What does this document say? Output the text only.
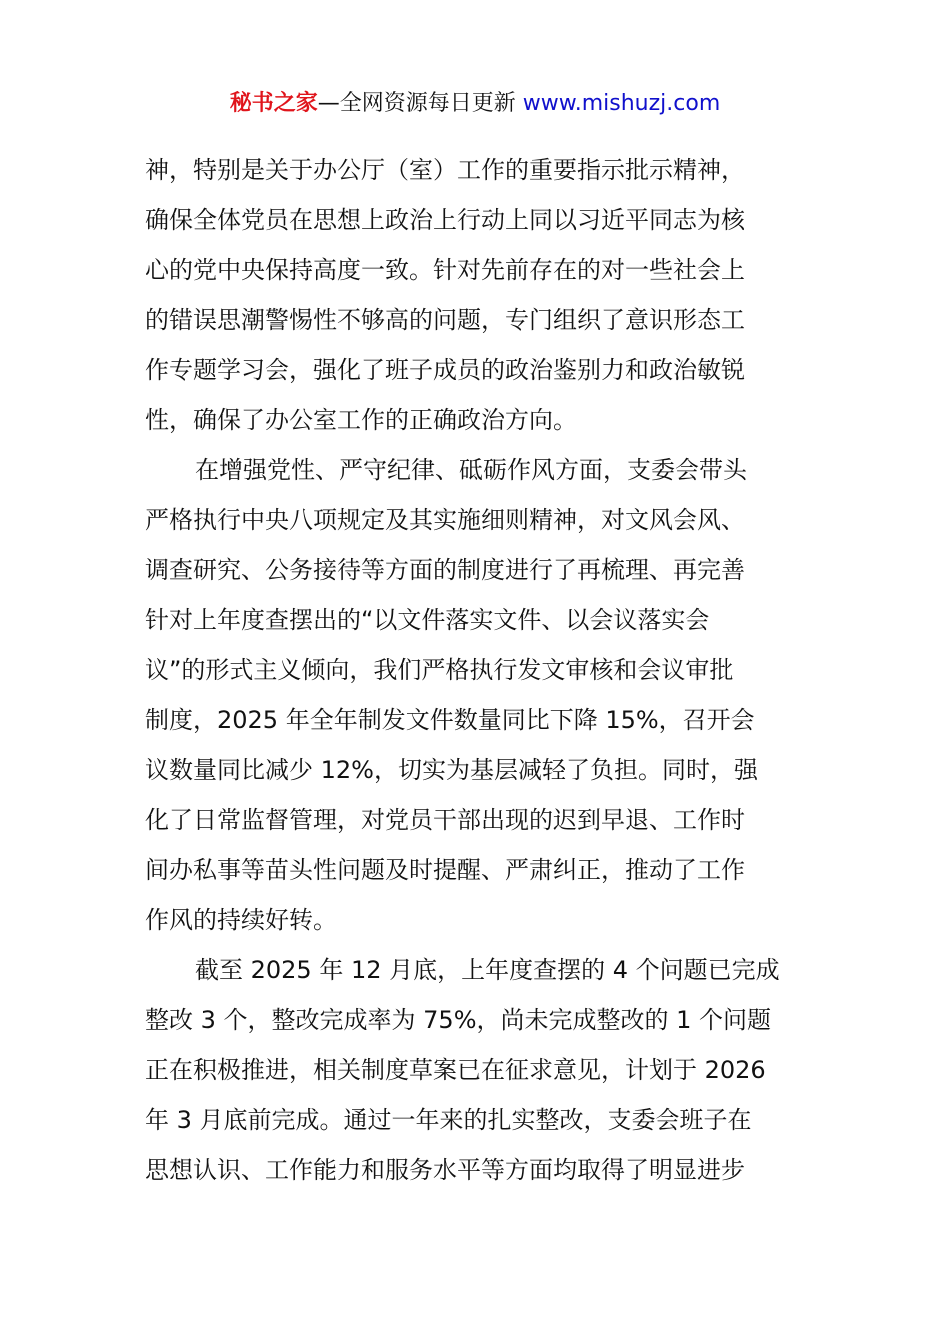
秘书之家—全网资源每日更新 www.mishuzj.com
神，特别是关于办公厅（室）工作的重要指示批示精神，
确保全体党员在思想上政治上行动上同以习近平同志为核
心的党中央保持高度一致。针对先前存在的对一些社会上
的错误思潮警惕性不够高的问题，专门组织了意识形态工
作专题学习会，强化了班子成员的政治鉴别力和政治敏锐
性，确保了办公室工作的正确政治方向。
在增强党性、严守纪律、砥砺作风方面，支委会带头
严格执行中央八项规定及其实施细则精神，对文风会风、
调查研究、公务接待等方面的制度进行了再梳理、再完善
针对上年度查摆出的“以文件落实文件、以会议落实会
议”的形式主义倾向，我们严格执行发文审核和会议审批
制度，2025 年全年制发文件数量同比下降 15%，召开会
议数量同比减少 12%，切实为基层减轻了负担。同时，强
化了日常监督管理，对党员干部出现的迟到早退、工作时
间办私事等苗头性问题及时提醒、严肃纠正，推动了工作
作风的持续好转。
截至 2025 年 12 月底，上年度查摆的 4 个问题已完成
整改 3 个，整改完成率为 75%，尚未完成整改的 1 个问题
正在积极推进，相关制度草案已在征求意见，计划于 2026
年 3 月底前完成。通过一年来的扎实整改，支委会班子在
思想认识、工作能力和服务水平等方面均取得了明显进步
